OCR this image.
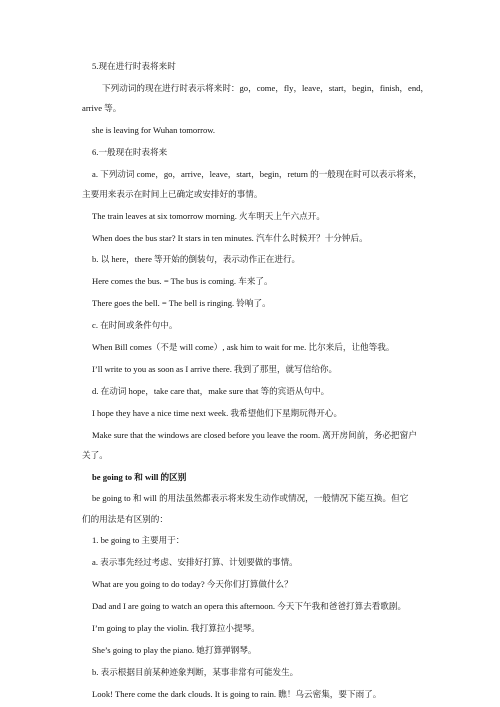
5.现在进行时表将来时

下列动词的现在进行时表示将来时：go，come，fly，leave，start，begin，finish，end，

arrive 等。

she is leaving for Wuhan tomorrow.

6.一般现在时表将来

a. 下列动词 come，go，arrive，leave，start，begin，return 的一般现在时可以表示将来，

主要用来表示在时间上已确定或安排好的事情。

The train leaves at six tomorrow morning. 火车明天上午六点开。

When does the bus star? It stars in ten minutes. 汽车什么时候开？十分钟后。

b. 以 here，there 等开始的倒装句，表示动作正在进行。

Here comes the bus. = The bus is coming. 车来了。

There goes the bell. = The bell is ringing. 铃响了。

c. 在时间或条件句中。

When Bill comes（不是 will come）, ask him to wait for me. 比尔来后，让他等我。

I’ll write to you as soon as I arrive there. 我到了那里，就写信给你。

d. 在动词 hope，take care that，make sure that 等的宾语从句中。

I hope they have a nice time next week. 我希望他们下星期玩得开心。

Make sure that the windows are closed before you leave the room. 离开房间前，务必把窗户

关了。

be going to 和 will 的区别

be going to 和 will 的用法虽然都表示将来发生动作或情况，一般情况下能互换。但它

们的用法是有区别的：

1. be going to 主要用于：

a. 表示事先经过考虑、安排好打算、计划要做的事情。

What are you going to do today? 今天你们打算做什么？

Dad and I are going to watch an opera this afternoon. 今天下午我和爸爸打算去看歌剧。

I’m going to play the violin. 我打算拉小提琴。

She’s going to play the piano. 她打算弹钢琴。

b. 表示根据目前某种迹象判断，某事非常有可能发生。

Look! There come the dark clouds. It is going to rain. 瞧！乌云密集，要下雨了。
